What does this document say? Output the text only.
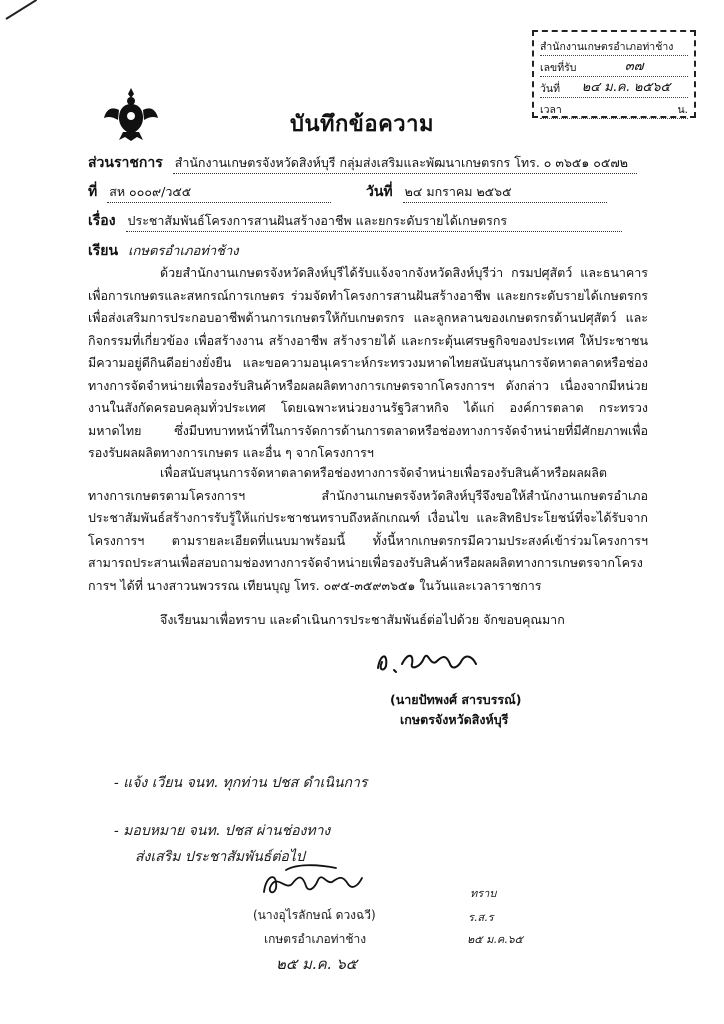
สำนักงานเกษตรอำเภอท่าช้าง
เลขที่รับ	๓๗
วันที่	๒๔ ม.ค. ๒๕๖๕
เวลา	น.
บันทึกข้อความ
ส่วนราชการ สำนักงานเกษตรจังหวัดสิงห์บุรี กลุ่มส่งเสริมและพัฒนาเกษตรกร โทร. ๐ ๓๖๕๑ ๐๕๗๒
ที่ สห ๐๐๐๙/ว๕๕	วันที่ ๒๔ มกราคม ๒๕๖๕
เรื่อง ประชาสัมพันธ์โครงการสานฝันสร้างอาชีพ และยกระดับรายได้เกษตรกร
เรียน เกษตรอำเภอท่าช้าง
ด้วยสำนักงานเกษตรจังหวัดสิงห์บุรีได้รับแจ้งจากจังหวัดสิงห์บุรีว่า กรมปศุสัตว์ และธนาคารเพื่อการเกษตรและสหกรณ์การเกษตร ร่วมจัดทำโครงการสานฝันสร้างอาชีพ และยกระดับรายได้เกษตรกร เพื่อส่งเสริมการประกอบอาชีพด้านการเกษตรให้กับเกษตรกร และลูกหลานของเกษตรกรด้านปศุสัตว์ และกิจกรรมที่เกี่ยวข้อง เพื่อสร้างงาน สร้างอาชีพ สร้างรายได้ และกระตุ้นเศรษฐกิจของประเทศ ให้ประชาชนมีความอยู่ดีกินดีอย่างยั่งยืน และขอความอนุเคราะห์กระทรวงมหาดไทยสนับสนุนการจัดหาตลาดหรือช่องทางการจัดจำหน่ายเพื่อรองรับสินค้าหรือผลผลิตทางการเกษตรจากโครงการฯ ดังกล่าว เนื่องจากมีหน่วยงานในสังกัดครอบคลุมทั่วประเทศ โดยเฉพาะหน่วยงานรัฐวิสาหกิจ ได้แก่ องค์การตลาด กระทรวงมหาดไทย ซึ่งมีบทบาทหน้าที่ในการจัดการด้านการตลาดหรือช่องทางการจัดจำหน่ายที่มีศักยภาพเพื่อรองรับผลผลิตทางการเกษตร และอื่น ๆ จากโครงการฯ
เพื่อสนับสนุนการจัดหาตลาดหรือช่องทางการจัดจำหน่ายเพื่อรองรับสินค้าหรือผลผลิตทางการเกษตรตามโครงการฯ สำนักงานเกษตรจังหวัดสิงห์บุรีจึงขอให้สำนักงานเกษตรอำเภอประชาสัมพันธ์สร้างการรับรู้ให้แก่ประชาชนทราบถึงหลักเกณฑ์ เงื่อนไข และสิทธิประโยชน์ที่จะได้รับจากโครงการฯ ตามรายละเอียดที่แนบมาพร้อมนี้ ทั้งนี้หากเกษตรกรมีความประสงค์เข้าร่วมโครงการฯ สามารถประสานเพื่อสอบถามช่องทางการจัดจำหน่ายเพื่อรองรับสินค้าหรือผลผลิตทางการเกษตรจากโครงการฯ ได้ที่ นางสาวนพวรรณ เทียนบุญ โทร. ๐๙๕-๓๕๙๓๖๕๑ ในวันและเวลาราชการ
จึงเรียนมาเพื่อทราบ และดำเนินการประชาสัมพันธ์ต่อไปด้วย จักขอบคุณมาก
(นายปัทพงศ์ สารบรรณ์)
เกษตรจังหวัดสิงห์บุรี
- แจ้ง เวียน จนท. ทุกท่าน ปชส ดำเนินการ
- มอบหมาย จนท. ปชส ผ่านช่องทาง
ส่งเสริม ประชาสัมพันธ์ต่อไป
(นางอุไรลักษณ์ ดวงฉวี)
เกษตรอำเภอท่าช้าง
๒๕ ม.ค. ๖๕
ทราบ
ร.ส.ร
๒๕ ม.ค.๖๕
